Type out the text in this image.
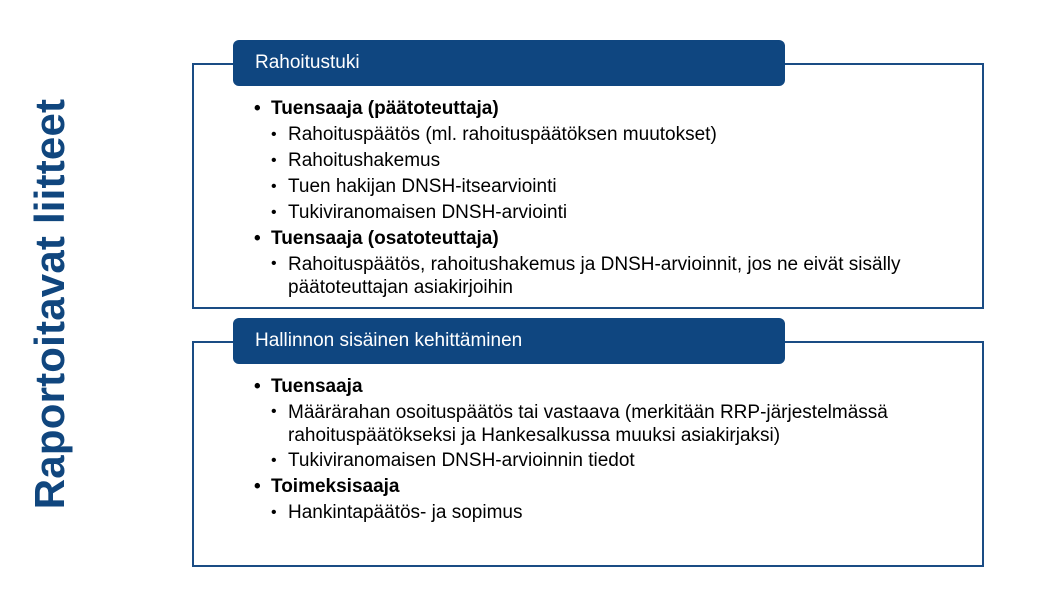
Raportoitavat liitteet
Rahoitustuki
• Tuensaaja (päätoteuttaja)
• Rahoituspäätös (ml. rahoituspäätöksen muutokset)
• Rahoitushakemus
• Tuen hakijan DNSH-itsearviointi
• Tukiviranomaisen DNSH-arviointi
• Tuensaaja (osatoteuttaja)
• Rahoituspäätös, rahoitushakemus ja DNSH-arvioinnit, jos ne eivät sisälly päätoteuttajan asiakirjoihin
Hallinnon sisäinen kehittäminen
• Tuensaaja
• Määrärahan osoituspäätös tai vastaava (merkitään RRP-järjestelmässä rahoituspäätökseksi ja Hankesalkussa muuksi asiakirjaksi)
• Tukiviranomaisen DNSH-arvioinnin tiedot
• Toimeksisaaja
• Hankintapäätös- ja sopimus
